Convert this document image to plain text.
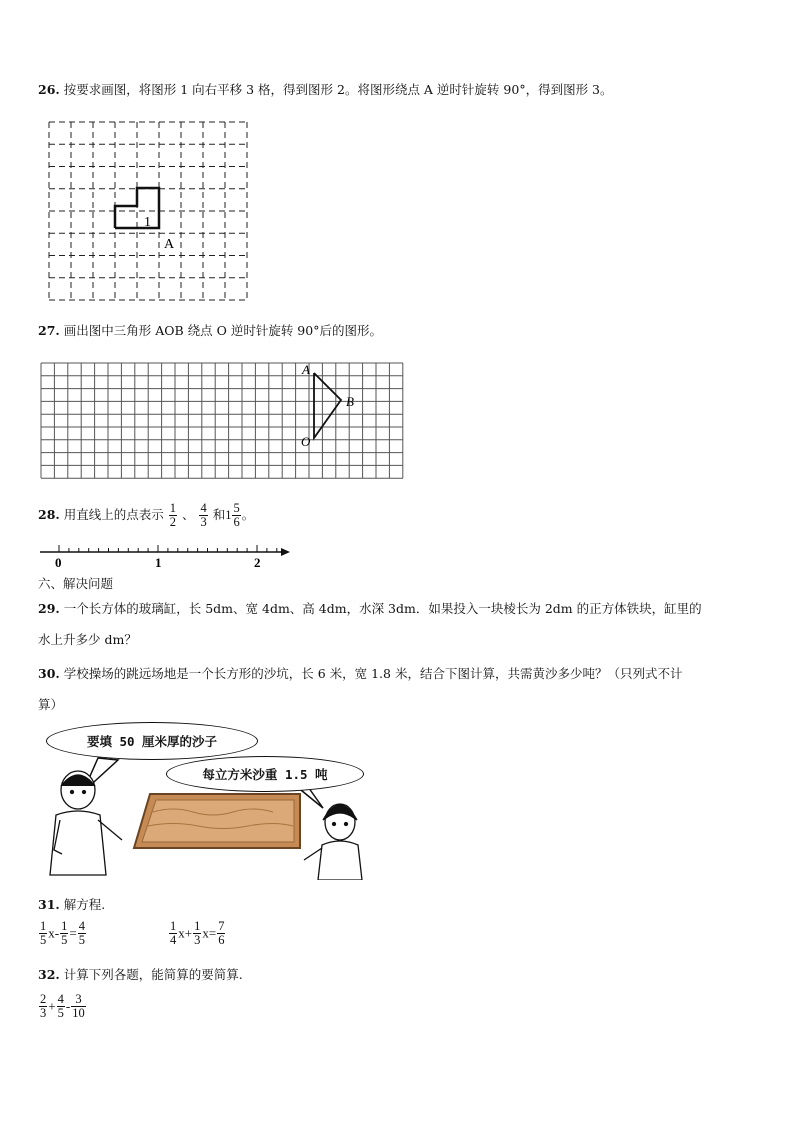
26. 按要求画图，将图形 1 向右平移 3 格，得到图形 2。将图形绕点 A 逆时针旋转 90°，得到图形 3。
1
A
27. 画出图中三角形 AOB 绕点 O 逆时针旋转 90°后的图形。
A
B
O
28. 用直线上的点表示 $\frac{1}{2}$ 、 $\frac{4}{3}$ 和$1 \frac{5}{6}$ 。
0	1	2
六、解决问题
29. 一个长方体的玻璃缸，长 5dm、宽 4dm、高 4dm，水深 3dm．如果投入一块棱长为 2dm 的正方体铁块，缸里的
水上升多少 dm？
30. 学校操场的跳远场地是一个长方形的沙坑，长 6 米，宽 1.8 米，结合下图计算，共需黄沙多少吨？（只列式不计
算）
要填 50 厘米厚的沙子
每立方米沙重 1.5 吨
31. 解方程.
$\frac{1}{5} x- \frac{1}{5} = \frac{4}{5}$	$\frac{1}{4} x+ \frac{1}{3} x= \frac{7}{6}$
32. 计算下列各题，能简算的要简算.
$\frac{2}{3} + \frac{4}{5} - \frac{3}{10}$
